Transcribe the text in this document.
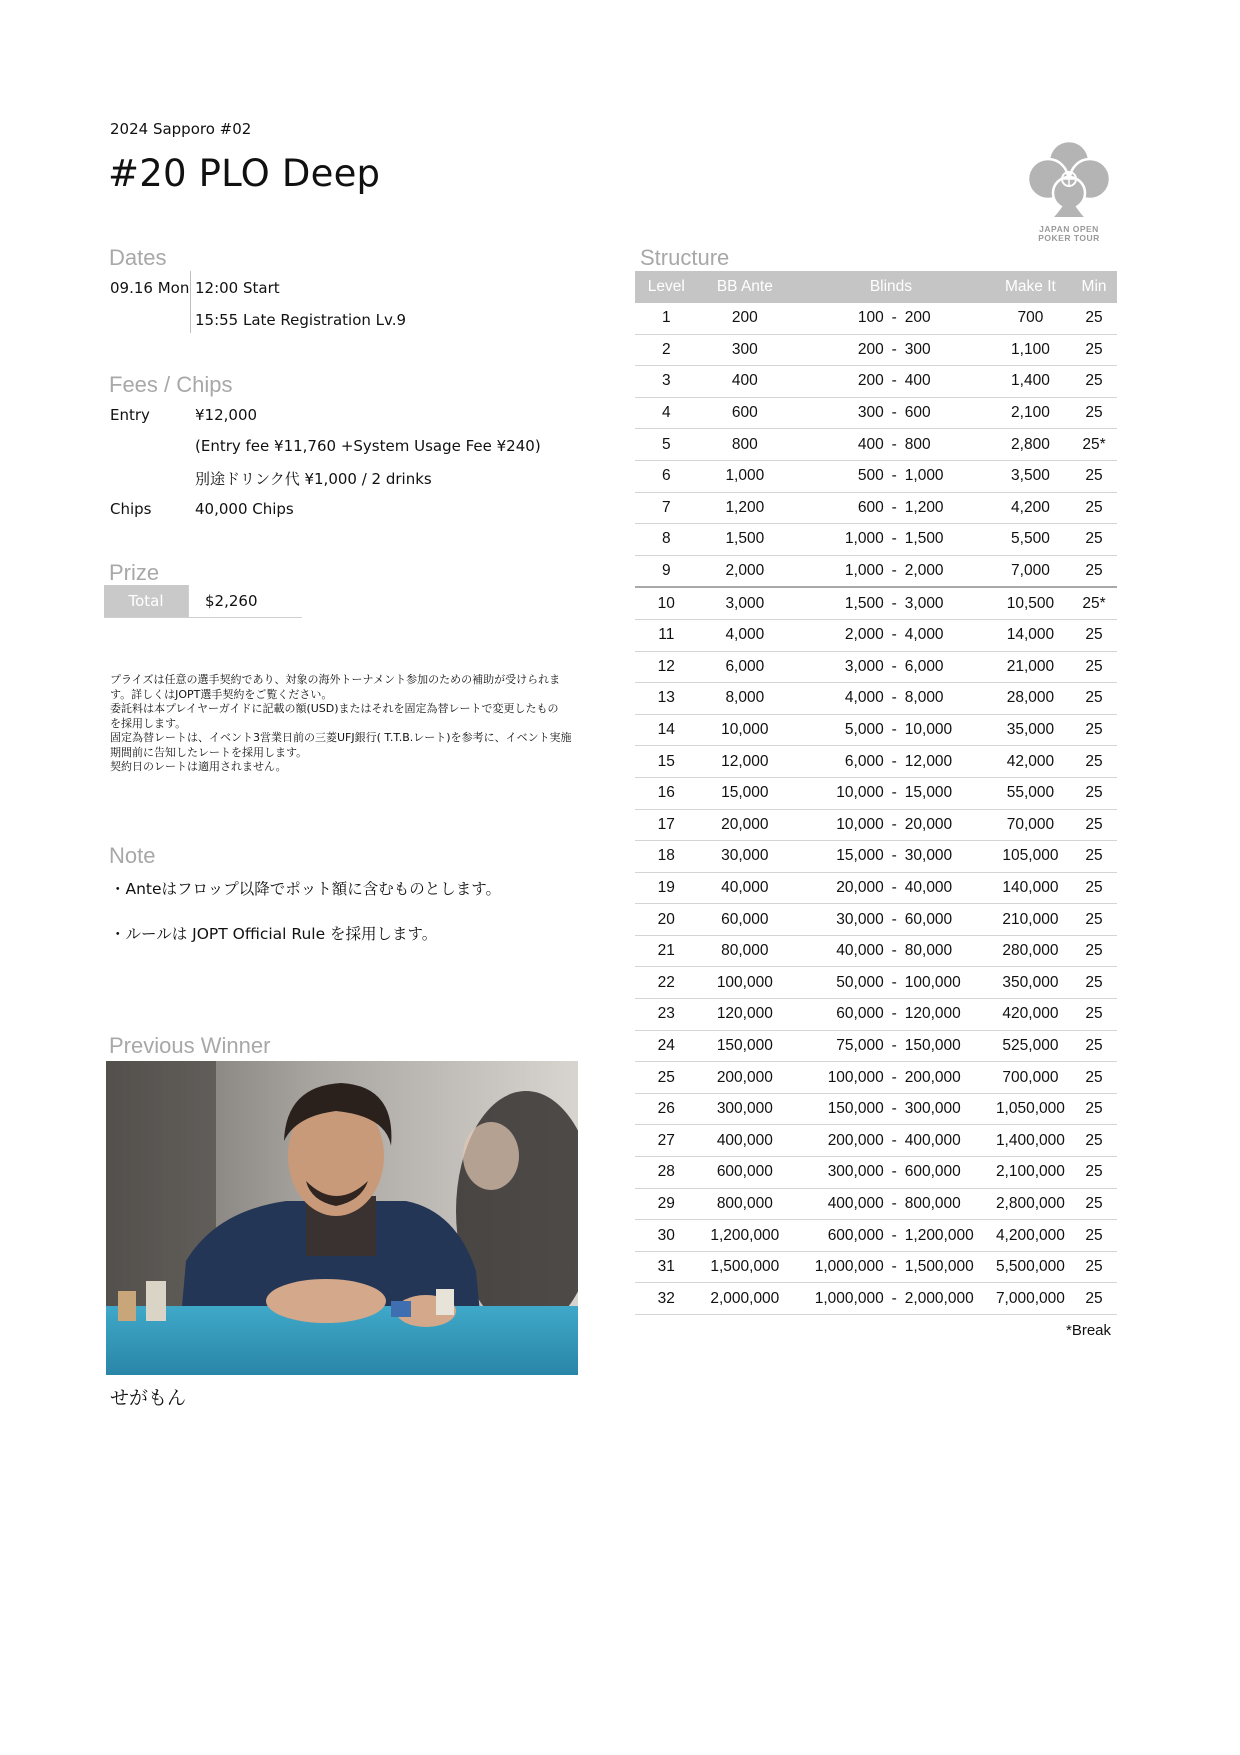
2024 Sapporo #02
#20 PLO Deep
JAPAN OPEN
POKER TOUR
Dates
09.16 Mon 12:00 Start
15:55 Late Registration Lv.9
Fees / Chips
Entry	¥12,000
(Entry fee ¥11,760 +System Usage Fee ¥240)
別途ドリンク代 ¥1,000 / 2 drinks
Chips	40,000 Chips
Prize
Total	$2,260
プライズは任意の選手契約であり、対象の海外トーナメント参加のための補助が受けられま
す。詳しくはJOPT選手契約をご覧ください。
委託料は本プレイヤーガイドに記載の額(USD)またはそれを固定為替レートで変更したもの
を採用します。
固定為替レートは、イベント3営業日前の三菱UFJ銀行( T.T.B.レート)を参考に、イベント実施
期間前に告知したレートを採用します。
契約日のレートは適用されません。
Note
・Anteはフロップ以降でポット額に含むものとします。
・ルールは JOPT Official Rule を採用します。
Previous Winner
せがもん
Structure
Level	BB Ante	Blinds			Make It	Min
1	200	100	-	200	700	25
2	300	200	-	300	1,100	25
3	400	200	-	400	1,400	25
4	600	300	-	600	2,100	25
5	800	400	-	800	2,800	25*
6	1,000	500	-	1,000	3,500	25
7	1,200	600	-	1,200	4,200	25
8	1,500	1,000	-	1,500	5,500	25
9	2,000	1,000	-	2,000	7,000	25
10	3,000	1,500	-	3,000	10,500	25*
11	4,000	2,000	-	4,000	14,000	25
12	6,000	3,000	-	6,000	21,000	25
13	8,000	4,000	-	8,000	28,000	25
14	10,000	5,000	-	10,000	35,000	25
15	12,000	6,000	-	12,000	42,000	25
16	15,000	10,000	-	15,000	55,000	25
17	20,000	10,000	-	20,000	70,000	25
18	30,000	15,000	-	30,000	105,000	25
19	40,000	20,000	-	40,000	140,000	25
20	60,000	30,000	-	60,000	210,000	25
21	80,000	40,000	-	80,000	280,000	25
22	100,000	50,000	-	100,000	350,000	25
23	120,000	60,000	-	120,000	420,000	25
24	150,000	75,000	-	150,000	525,000	25
25	200,000	100,000	-	200,000	700,000	25
26	300,000	150,000	-	300,000	1,050,000	25
27	400,000	200,000	-	400,000	1,400,000	25
28	600,000	300,000	-	600,000	2,100,000	25
29	800,000	400,000	-	800,000	2,800,000	25
30	1,200,000	600,000	-	1,200,000	4,200,000	25
31	1,500,000	1,000,000	-	1,500,000	5,500,000	25
32	2,000,000	1,000,000	-	2,000,000	7,000,000	25
*Break
